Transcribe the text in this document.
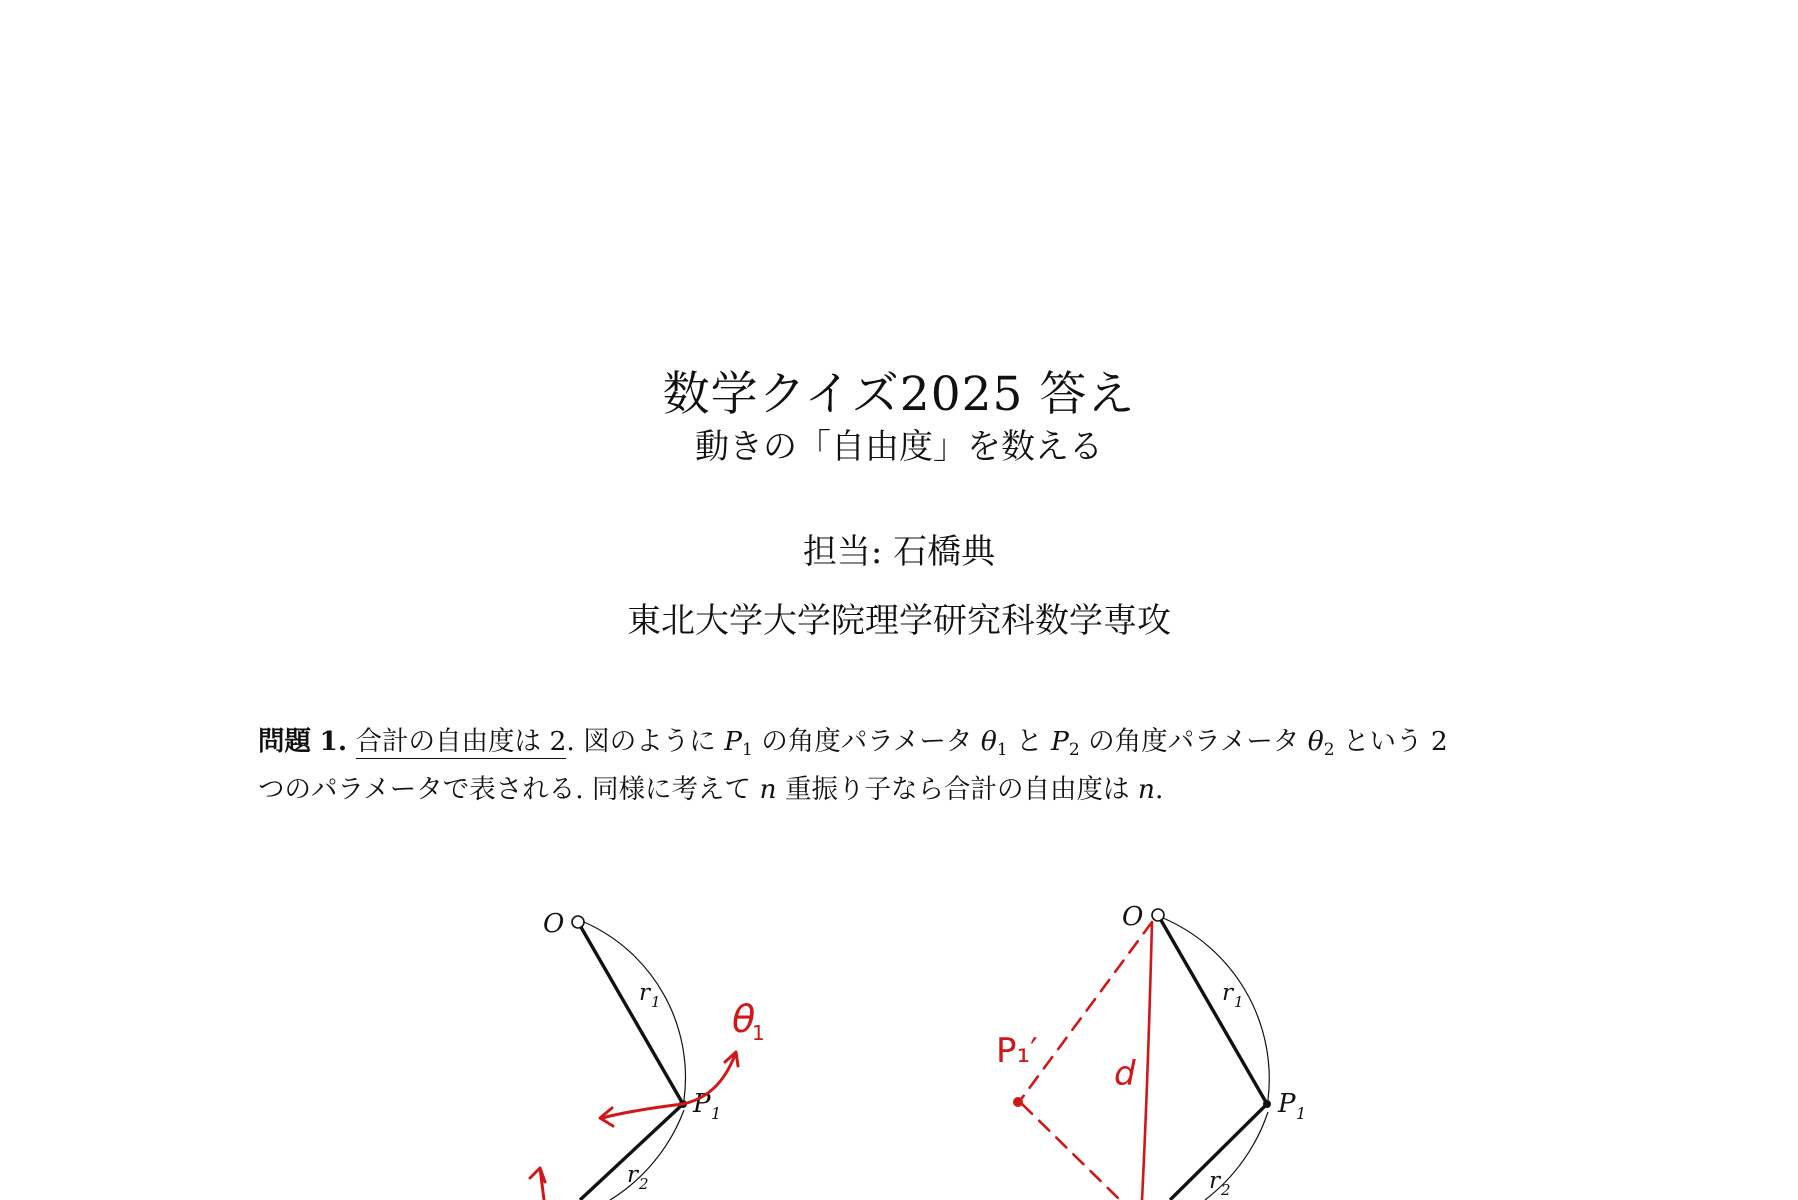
数学クイズ2025 答え
動きの「自由度」を数える
担当: 石橋典
東北大学大学院理学研究科数学専攻
問題 1. 合計の自由度は 2. 図のように $P_1$ の角度パラメータ $\theta_1$ と $P_2$ の角度パラメータ $\theta_2$ という 2
つのパラメータで表される. 同様に考えて n 重振り子なら合計の自由度は n.
O
r 1
P 1
r 2
θ
1
O
r 1
P 1
r 2
d
P₁′
